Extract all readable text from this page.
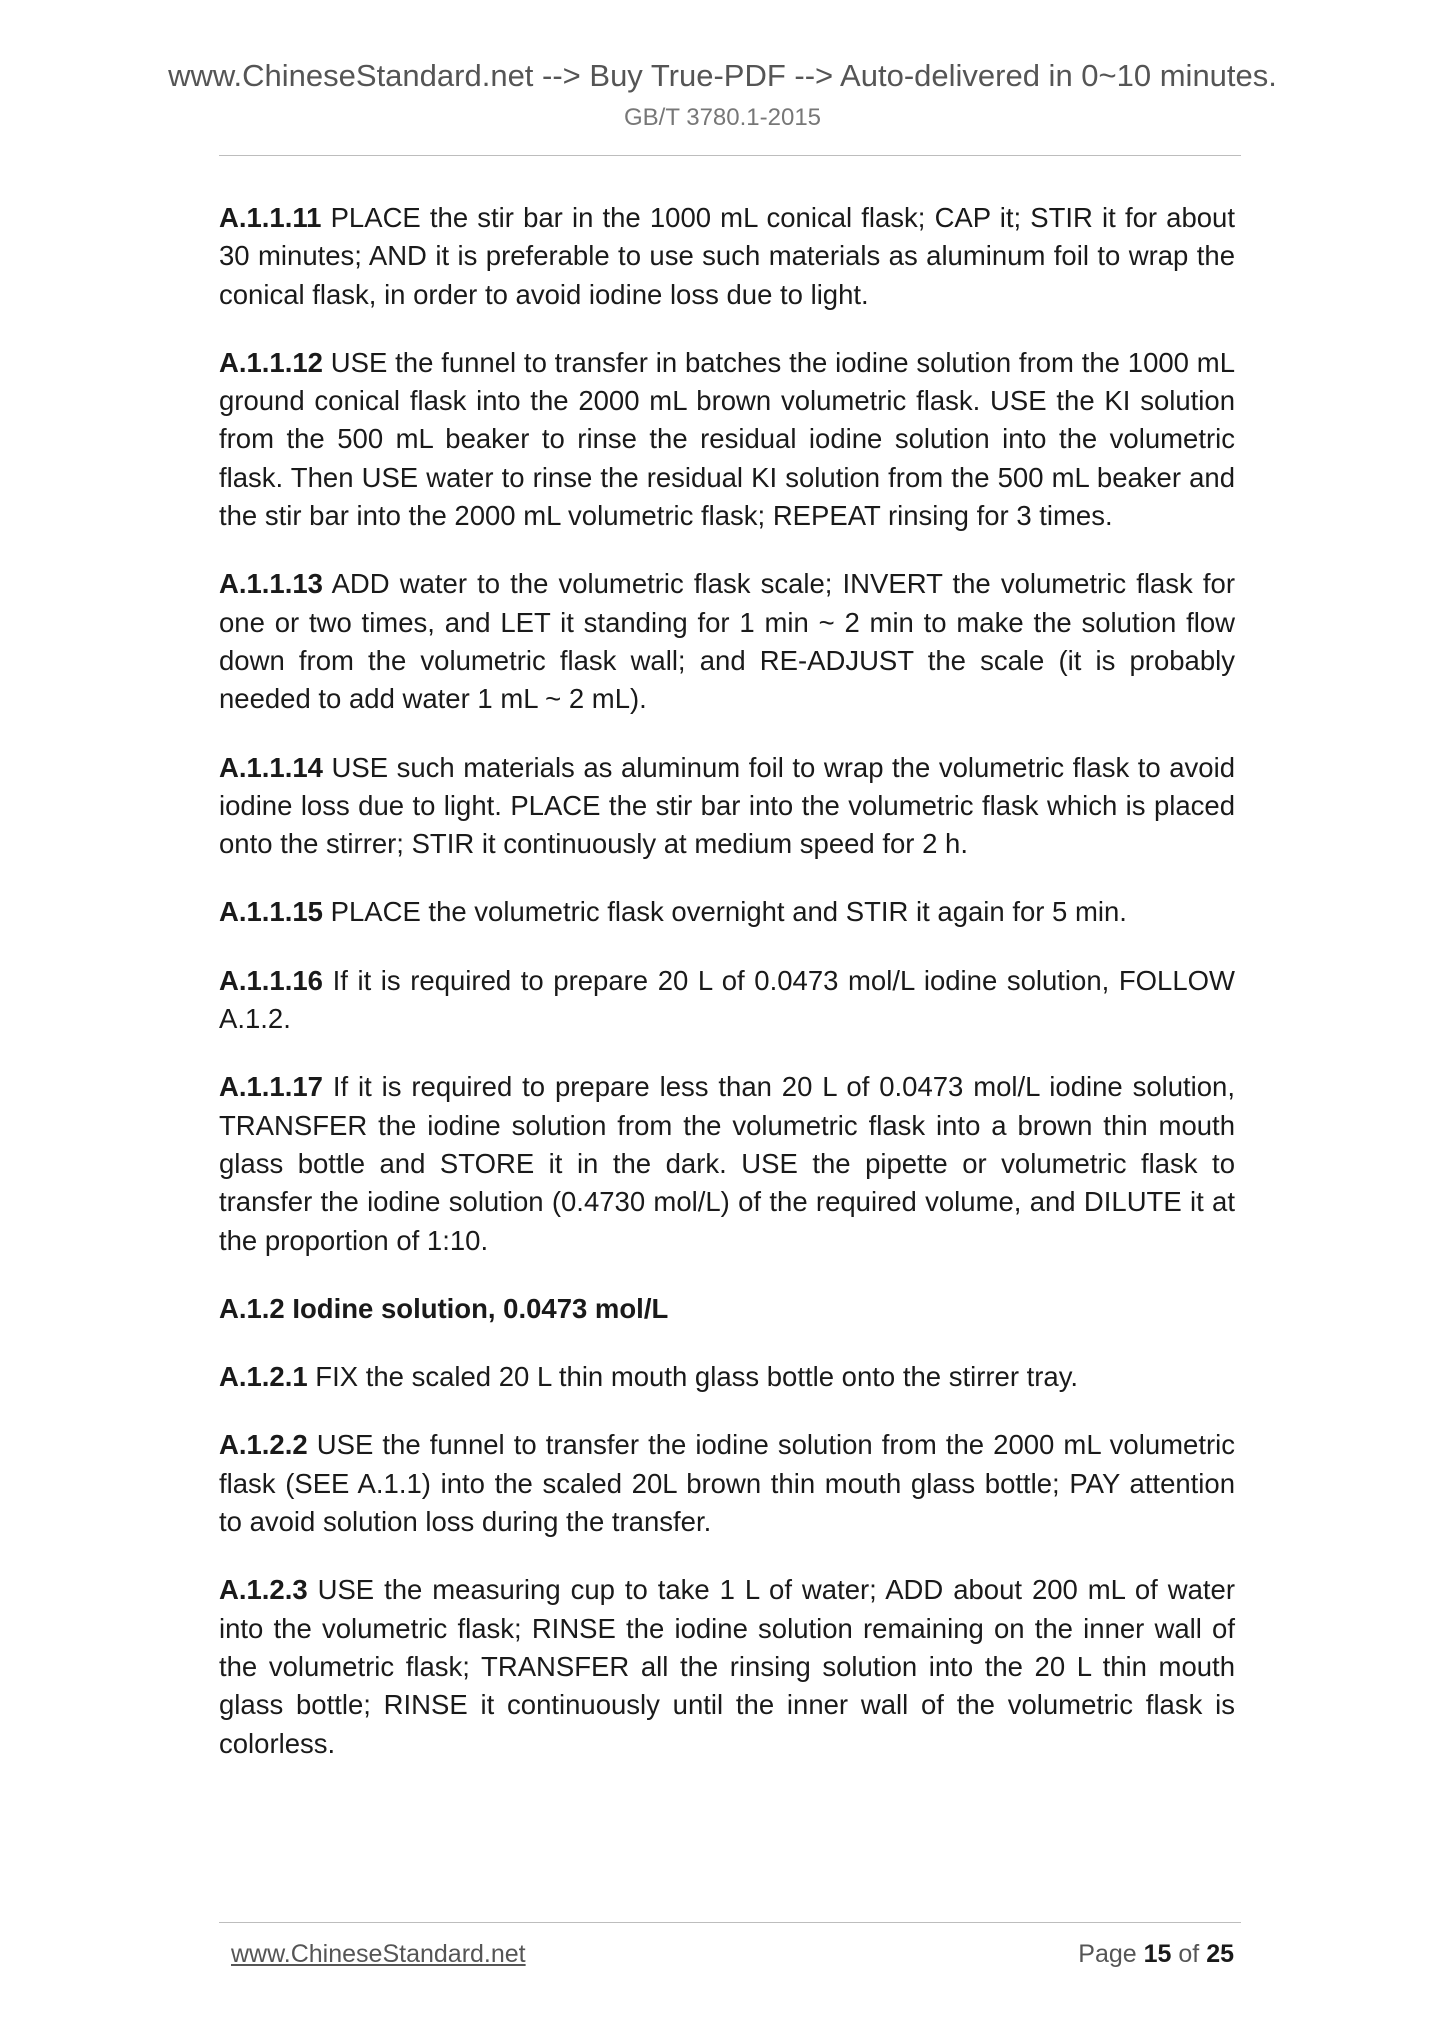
www.ChineseStandard.net --> Buy True-PDF --> Auto-delivered in 0~10 minutes.
GB/T 3780.1-2015

A.1.1.11 PLACE the stir bar in the 1000 mL conical flask; CAP it; STIR it for about 30 minutes; AND it is preferable to use such materials as aluminum foil to wrap the conical flask, in order to avoid iodine loss due to light.

A.1.1.12 USE the funnel to transfer in batches the iodine solution from the 1000 mL ground conical flask into the 2000 mL brown volumetric flask. USE the KI solution from the 500 mL beaker to rinse the residual iodine solution into the volumetric flask. Then USE water to rinse the residual KI solution from the 500 mL beaker and the stir bar into the 2000 mL volumetric flask; REPEAT rinsing for 3 times.

A.1.1.13 ADD water to the volumetric flask scale; INVERT the volumetric flask for one or two times, and LET it standing for 1 min ~ 2 min to make the solution flow down from the volumetric flask wall; and RE-ADJUST the scale (it is probably needed to add water 1 mL ~ 2 mL).

A.1.1.14 USE such materials as aluminum foil to wrap the volumetric flask to avoid iodine loss due to light. PLACE the stir bar into the volumetric flask which is placed onto the stirrer; STIR it continuously at medium speed for 2 h.

A.1.1.15 PLACE the volumetric flask overnight and STIR it again for 5 min.

A.1.1.16 If it is required to prepare 20 L of 0.0473 mol/L iodine solution, FOLLOW A.1.2.

A.1.1.17 If it is required to prepare less than 20 L of 0.0473 mol/L iodine solution, TRANSFER the iodine solution from the volumetric flask into a brown thin mouth glass bottle and STORE it in the dark. USE the pipette or volumetric flask to transfer the iodine solution (0.4730 mol/L) of the required volume, and DILUTE it at the proportion of 1:10.

A.1.2 Iodine solution, 0.0473 mol/L

A.1.2.1 FIX the scaled 20 L thin mouth glass bottle onto the stirrer tray.

A.1.2.2 USE the funnel to transfer the iodine solution from the 2000 mL volumetric flask (SEE A.1.1) into the scaled 20L brown thin mouth glass bottle; PAY attention to avoid solution loss during the transfer.

A.1.2.3 USE the measuring cup to take 1 L of water; ADD about 200 mL of water into the volumetric flask; RINSE the iodine solution remaining on the inner wall of the volumetric flask; TRANSFER all the rinsing solution into the 20 L thin mouth glass bottle; RINSE it continuously until the inner wall of the volumetric flask is colorless.

www.ChineseStandard.net	Page 15 of 25
